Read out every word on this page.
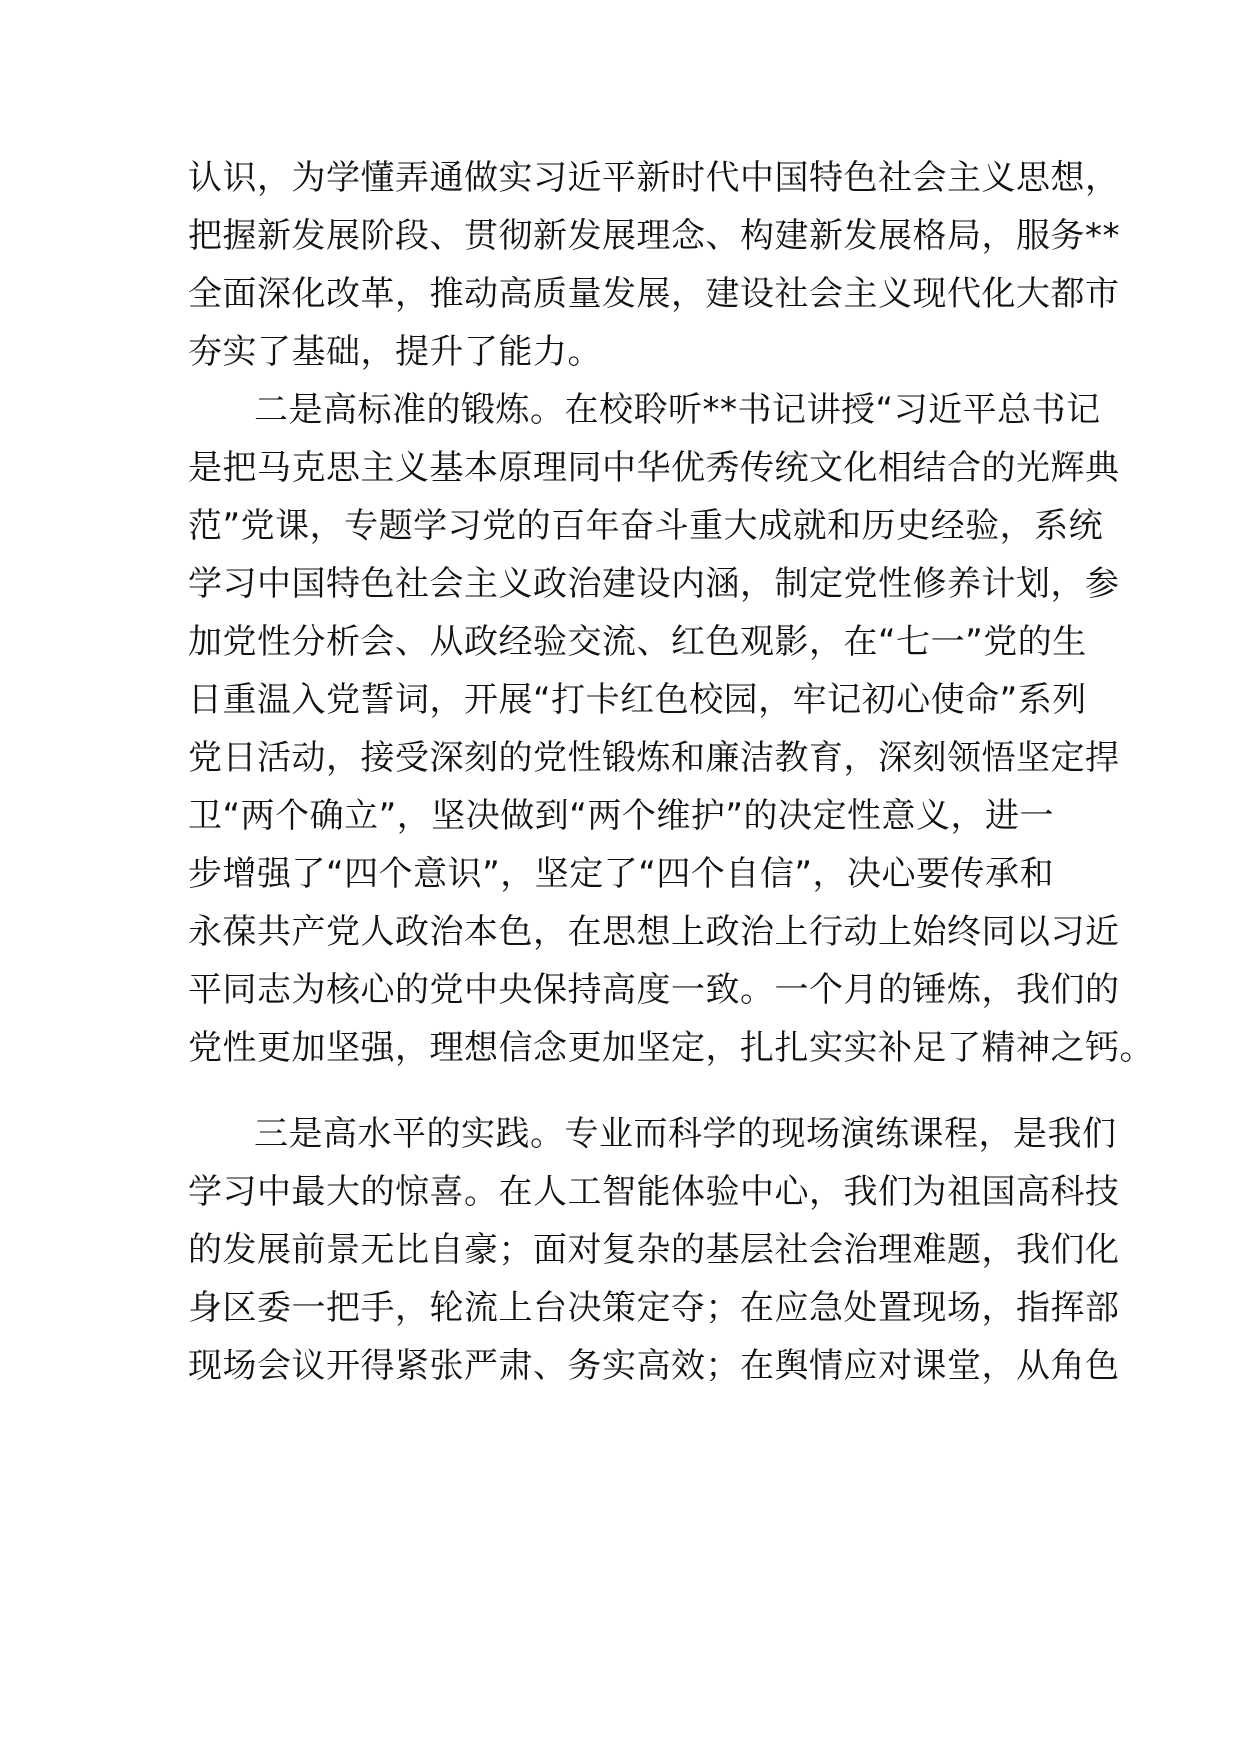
认识，为学懂弄通做实习近平新时代中国特色社会主义思想，
把握新发展阶段、贯彻新发展理念、构建新发展格局，服务**
全面深化改革，推动高质量发展，建设社会主义现代化大都市
夯实了基础，提升了能力。
二是高标准的锻炼。在校聆听**书记讲授“习近平总书记
是把马克思主义基本原理同中华优秀传统文化相结合的光辉典
范”党课，专题学习党的百年奋斗重大成就和历史经验，系统
学习中国特色社会主义政治建设内涵，制定党性修养计划，参
加党性分析会、从政经验交流、红色观影，在“七一”党的生
日重温入党誓词，开展“打卡红色校园，牢记初心使命”系列
党日活动，接受深刻的党性锻炼和廉洁教育，深刻领悟坚定捍
卫“两个确立”，坚决做到“两个维护”的决定性意义，进一
步增强了“四个意识”，坚定了“四个自信”，决心要传承和
永葆共产党人政治本色，在思想上政治上行动上始终同以习近
平同志为核心的党中央保持高度一致。一个月的锤炼，我们的
党性更加坚强，理想信念更加坚定，扎扎实实补足了精神之钙。
三是高水平的实践。专业而科学的现场演练课程，是我们
学习中最大的惊喜。在人工智能体验中心，我们为祖国高科技
的发展前景无比自豪；面对复杂的基层社会治理难题，我们化
身区委一把手，轮流上台决策定夺；在应急处置现场，指挥部
现场会议开得紧张严肃、务实高效；在舆情应对课堂，从角色
